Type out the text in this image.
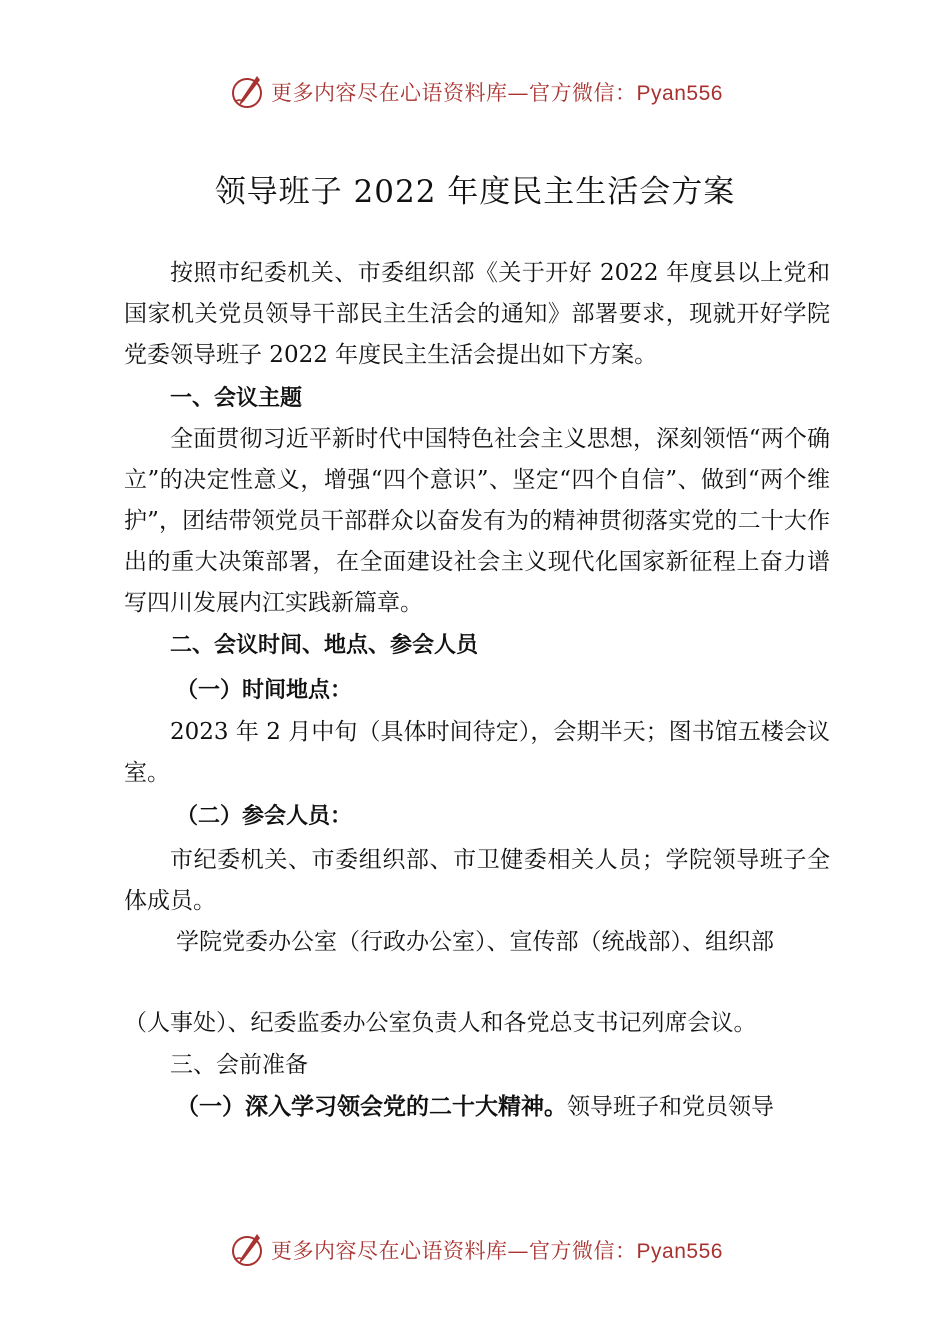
更多内容尽在心语资料库—官方微信：Pyan556
领导班子 2022 年度民主生活会方案

按照市纪委机关、市委组织部《关于开好 2022 年度县以上党和国家机关党员领导干部民主生活会的通知》部署要求，现就开好学院党委领导班子 2022 年度民主生活会提出如下方案。

一、会议主题

全面贯彻习近平新时代中国特色社会主义思想，深刻领悟“两个确立”的决定性意义，增强“四个意识”、坚定“四个自信”、做到“两个维护”，团结带领党员干部群众以奋发有为的精神贯彻落实党的二十大作出的重大决策部署，在全面建设社会主义现代化国家新征程上奋力谱写四川发展内江实践新篇章。

二、会议时间、地点、参会人员

（一）时间地点：

2023 年 2 月中旬（具体时间待定），会期半天；图书馆五楼会议室。

（二）参会人员：

市纪委机关、市委组织部、市卫健委相关人员；学院领导班子全体成员。

学院党委办公室（行政办公室）、宣传部（统战部）、组织部

（人事处）、纪委监委办公室负责人和各党总支书记列席会议。

三、会前准备

（一）深入学习领会党的二十大精神。领导班子和党员领导

更多内容尽在心语资料库—官方微信：Pyan556
